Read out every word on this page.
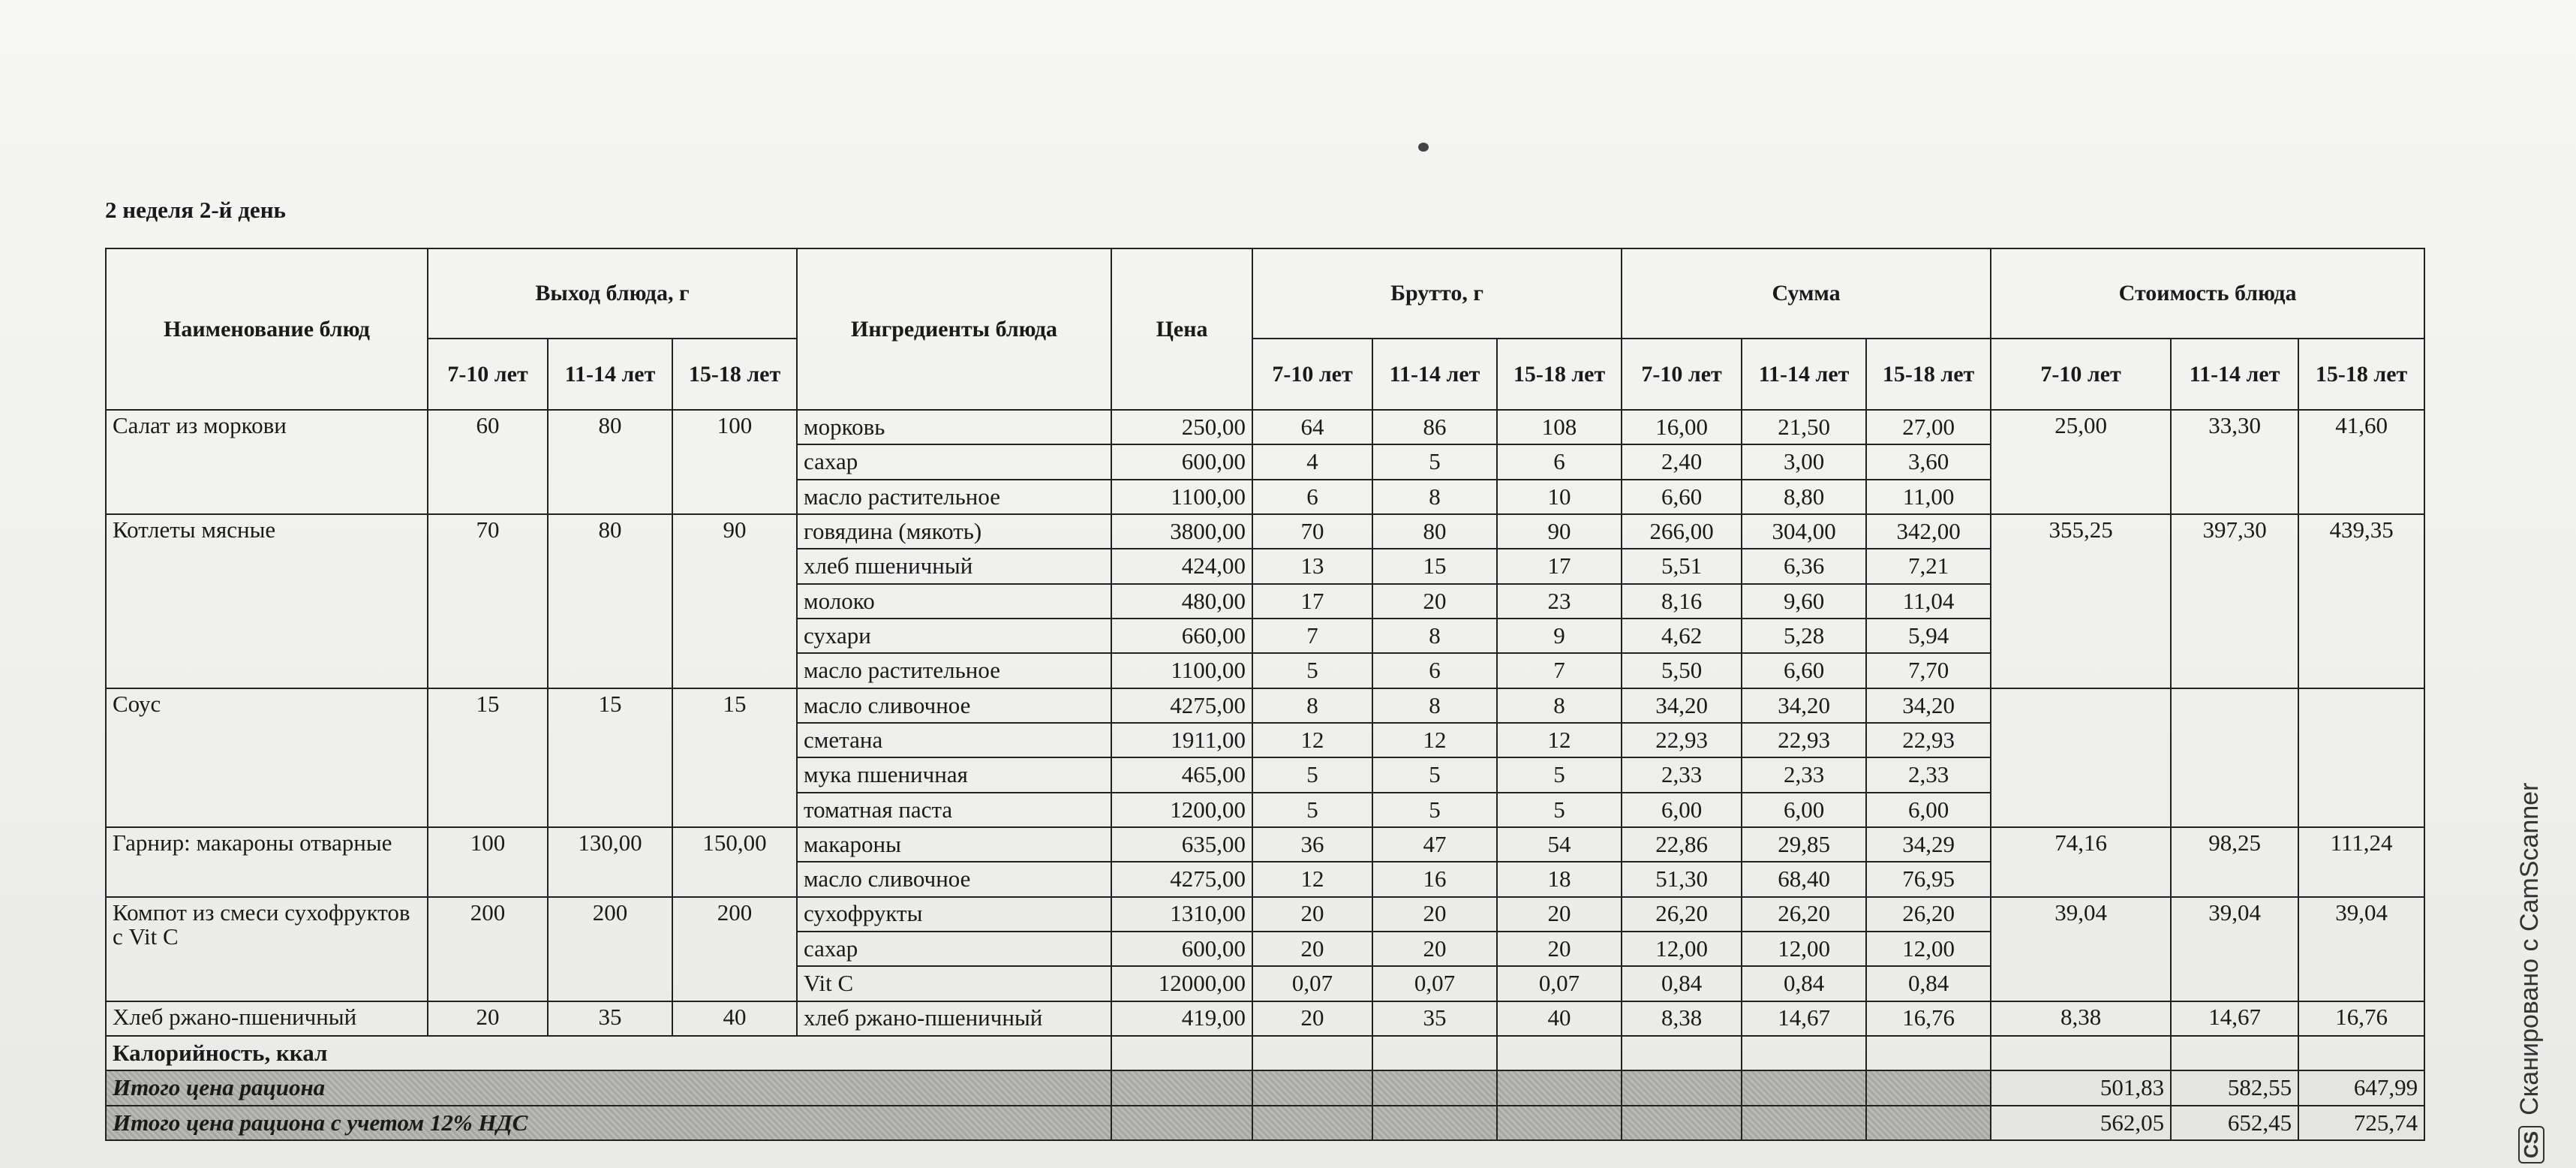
2 неделя 2-й день
Наименование блюд	Выход блюда, г			Ингредиенты блюда	Цена	Брутто, г			Сумма			Стоимость блюда		
	7-10 лет	11-14 лет	15-18 лет			7-10 лет	11-14 лет	15-18 лет	7-10 лет	11-14 лет	15-18 лет	7-10 лет	11-14 лет	15-18 лет
Салат из моркови	60	80	100	морковь	250,00	64	86	108	16,00	21,50	27,00	25,00	33,30	41,60
				сахар	600,00	4	5	6	2,40	3,00	3,60			
				масло растительное	1100,00	6	8	10	6,60	8,80	11,00			
Котлеты мясные	70	80	90	говядина (мякоть)	3800,00	70	80	90	266,00	304,00	342,00	355,25	397,30	439,35
				хлеб пшеничный	424,00	13	15	17	5,51	6,36	7,21			
				молоко	480,00	17	20	23	8,16	9,60	11,04			
				сухари	660,00	7	8	9	4,62	5,28	5,94			
				масло растительное	1100,00	5	6	7	5,50	6,60	7,70			
Соус	15	15	15	масло сливочное	4275,00	8	8	8	34,20	34,20	34,20			
				сметана	1911,00	12	12	12	22,93	22,93	22,93			
				мука пшеничная	465,00	5	5	5	2,33	2,33	2,33			
				томатная паста	1200,00	5	5	5	6,00	6,00	6,00			
Гарнир: макароны отварные	100	130,00	150,00	макароны	635,00	36	47	54	22,86	29,85	34,29	74,16	98,25	111,24
				масло сливочное	4275,00	12	16	18	51,30	68,40	76,95			
Компот из смеси сухофруктов с Vit C	200	200	200	сухофрукты	1310,00	20	20	20	26,20	26,20	26,20	39,04	39,04	39,04
				сахар	600,00	20	20	20	12,00	12,00	12,00			
				Vit C	12000,00	0,07	0,07	0,07	0,84	0,84	0,84			
Хлеб ржано-пшеничный	20	35	40	хлеб ржано-пшеничный	419,00	20	35	40	8,38	14,67	16,76	8,38	14,67	16,76
Калорийность, ккал														
Итого цена рациона												501,83	582,55	647,99
Итого цена рациона с учетом 12% НДС												562,05	652,45	725,74
CSСканировано с CamScanner
